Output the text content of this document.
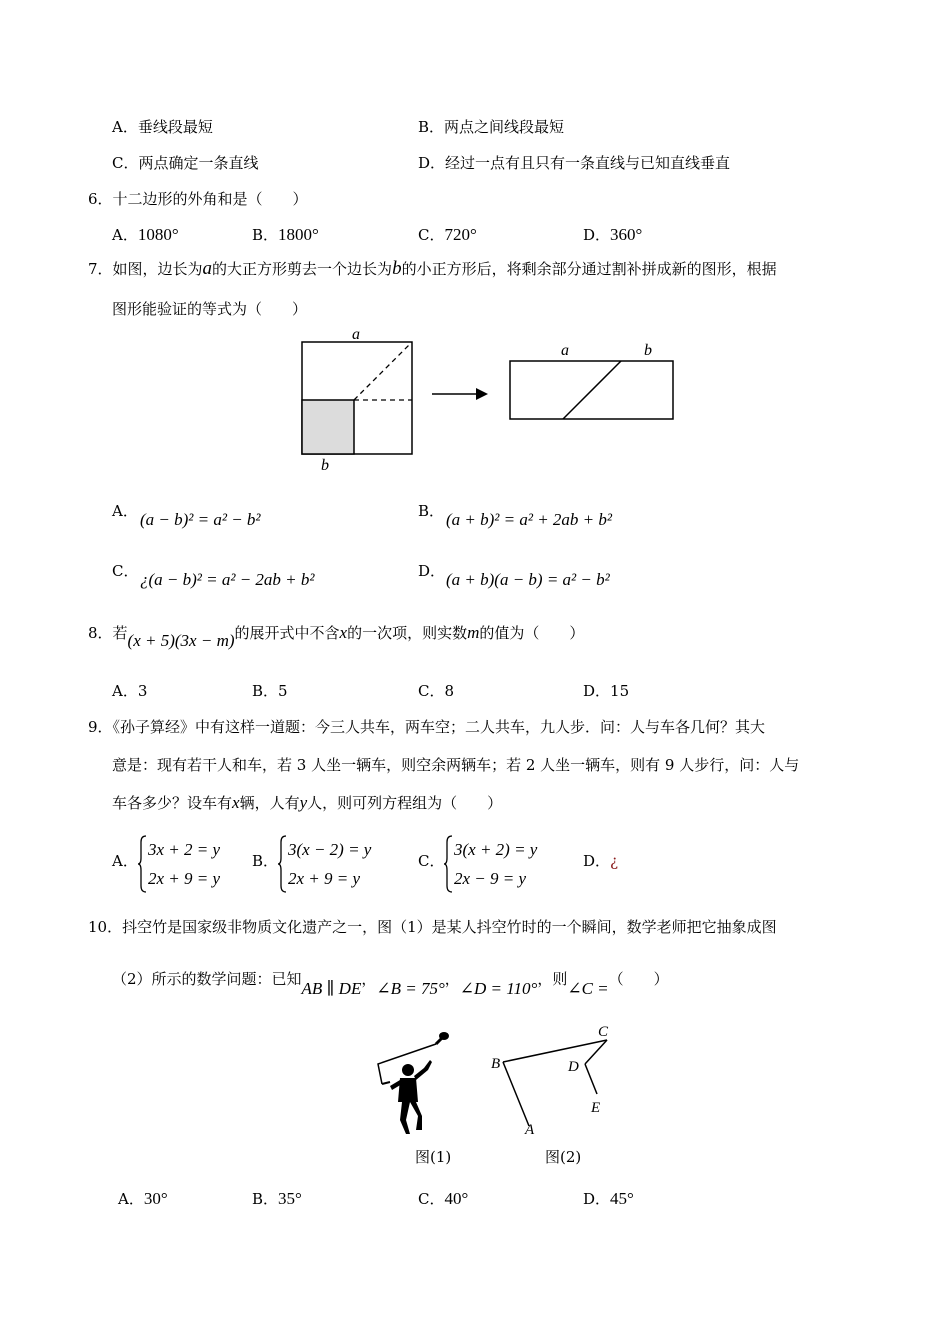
A．垂线段最短	B．两点之间线段最短
C．两点确定一条直线	D．经过一点有且只有一条直线与已知直线垂直
6．十二边形的外角和是（　　）
A．1080°	B．1800°	C．720°	D．360°
7．如图，边长为a的大正方形剪去一个边长为b的小正方形后，将剩余部分通过割补拼成新的图形，根据
图形能验证的等式为（　　）
a
b
a	b
A． (a − b)² = a² − b²	B． (a + b)² = a² + 2ab + b²
C． ¿(a − b)² = a² − 2ab + b²	D． (a + b)(a − b) = a² − b²
8．若(x + 5)(3x − m)的展开式中不含x的一次项，则实数m的值为（　　）
A．3	B．5	C．8	D．15
9．《孙子算经》中有这样一道题：今三人共车，两车空；二人共车，九人步．问：人与车各几何？其大
意是：现有若干人和车，若 3 人坐一辆车，则空余两辆车；若 2 人坐一辆车，则有 9 人步行，问：人与
车各多少？设车有x辆，人有y人，则可列方程组为（　　）
A．
3x + 2 = y
2x + 9 = y
B．
3(x − 2) = y
2x + 9 = y
C．
3(x + 2) = y
2x − 9 = y
D．¿
10．抖空竹是国家级非物质文化遗产之一，图（1）是某人抖空竹时的一个瞬间，数学老师把它抽象成图
（2）所示的数学问题：已知AB ∥ DE，∠B = 75°，∠D = 110°，则∠C =（　　）
图(1)
B
A
C
D
E
图(2)
A．30°	B．35°	C．40°	D．45°
